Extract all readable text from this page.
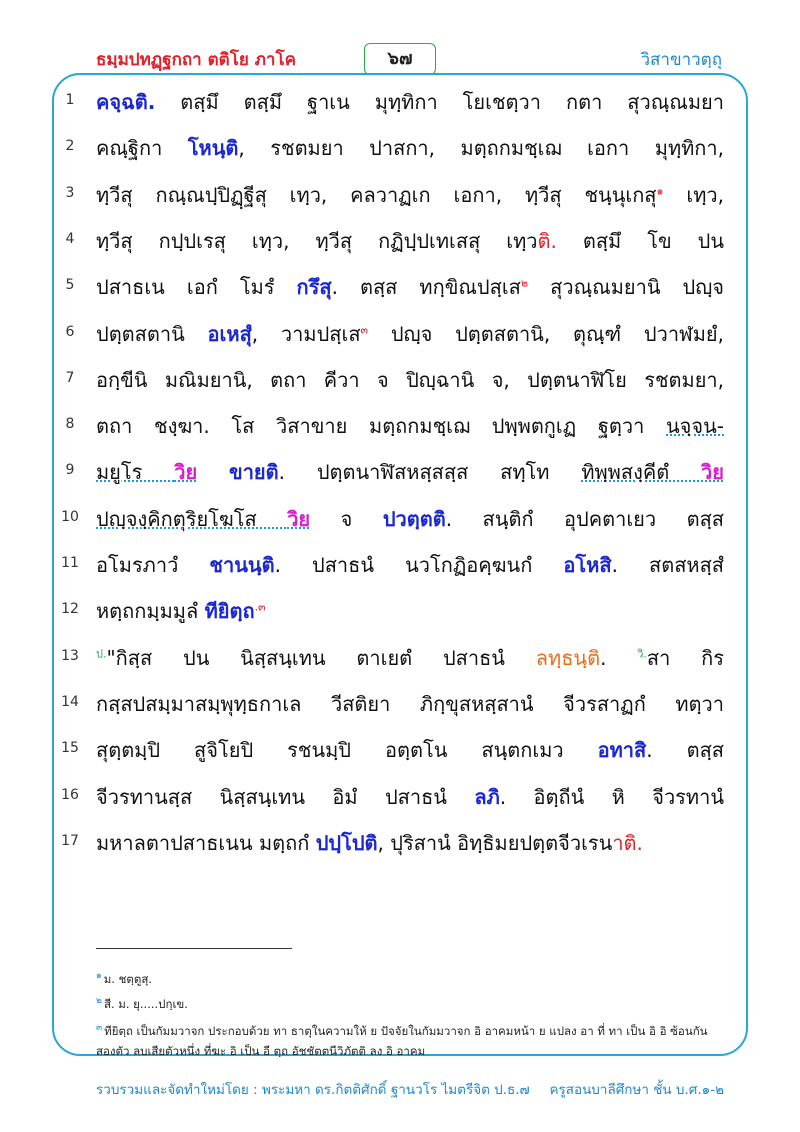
ธมฺมปทฏฺฐกถา ตติโย ภาโค	๖๗	วิสาขาวตฺถุ
1	คจฺฉติ. ตสฺมึ ตสฺมึ ฐาเน มุทฺทิกา โยเชตฺวา กตา สุวณฺณมยา
2	คณฺฐิกา โหนฺติ, รชตมยา ปาสกา, มตฺถกมชฺเฌ เอกา มุทฺทิกา,
3	ทฺวีสุ กณฺณปฺปิฏฺฐีสุ เทฺว, คลวาฏเก เอกา, ทฺวีสุ ชนฺนุเกสุ$^๑$ เทฺว,
4	ทฺวีสุ กปฺปเรสุ เทฺว, ทฺวีสุ กฏิปฺปเทเสสุ เทฺวติ. ตสฺมึ โข ปน
5	ปสาธเน เอกํ โมรํ กรึสุ. ตสฺส ทกฺขิณปสฺเส$^๒$ สุวณฺณมยานิ ปญฺจ
6	ปตฺตสตานิ อเหสุํ, วามปสฺเส$^๓$ ปญฺจ ปตฺตสตานิ, ตุณฺฑํ ปวาฬมยํ,
7	อกฺขีนิ มณิมยานิ, ตถา คีวา จ ปิญฺฉานิ จ, ปตฺตนาฬิโย รชตมยา,
8	ตถา ชงฺฆา. โส วิสาขาย มตฺถกมชฺเฌ ปพฺพตกูเฏ ฐตฺวา นจฺจน-
9	มยูโร วิย ขายติ. ปตฺตนาฬิสหสฺสสฺส สทฺโท ทิพฺพสงฺคีตํ วิย
10 ปญฺจงฺคิกตุริยโฆโส วิย จ ปวตฺตติ. สนฺติกํ อุปคตาเยว ตสฺส
11 อโมรภาวํ ชานนฺติ. ปสาธนํ นวโกฏิอคฺฆนกํ อโหสิ. สตสหสฺสํ
12 หตฺถกมฺมมูลํ ทียิตฺถ$^{.๓}$
13 $^{ป.}$"กิสฺส ปน นิสฺสนฺเทน ตาเยตํ ปสาธนํ ลทฺธนฺติ. $^{วิ.}$สา กิร
14 กสฺสปสมฺมาสมฺพุทฺธกาเล วีสติยา ภิกฺขุสหสฺสานํ จีวรสาฏกํ ทตฺวา
15 สุตฺตมฺปิ สูจิโยปิ รชนมฺปิ อตฺตโน สนฺตกเมว อทาสิ. ตสฺส
16 จีวรทานสฺส นิสฺสนฺเทน อิมํ ปสาธนํ ลภิ. อิตฺถีนํ หิ จีวรทานํ
17 มหาลตาปสาธเนน มตฺถกํ ปปฺโปติ, ปุริสานํ อิทฺธิมยปตฺตจีวเรนาติ.
$^๑$ ม. ชตฺตูสุ.
$^๒$ สี. ม. ยุ.....ปกฺเข.
$^๓$ ทียิตฺถ เป็นกัมมวาจก ประกอบด้วย ทา ธาตุในความให้ ย ปัจจัยในกัมมวาจก อิ อาคมหน้า ย แปลง อา ที่ ทา เป็น อิ อิ ซ้อนกันสองตัว ลบเสียตัวหนึ่ง ที่ฆะ อิ เป็น อี ตฺถ อัชชัตตนีวิภัตติ ลง อิ อาคม
รวบรวมและจัดทำใหม่โดย : พระมหา ดร.กิตติศักดิ์ ฐานวโร ไมตรีจิต ป.ธ.๗ ครูสอนบาลีศึกษา ชั้น บ.ศ.๑-๒
